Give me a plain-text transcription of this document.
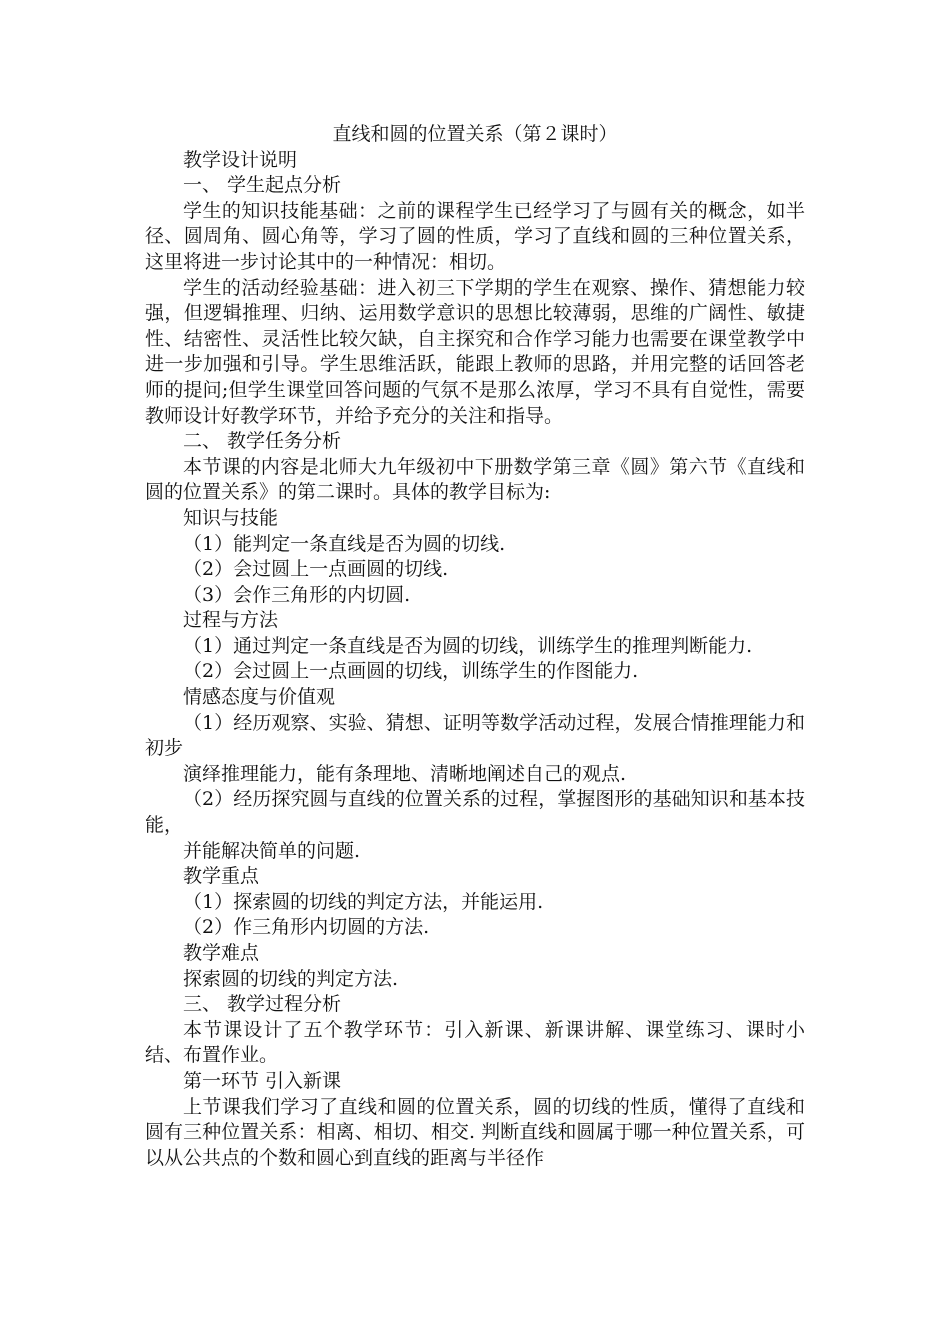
直线和圆的位置关系（第２课时）

教学设计说明

一、 学生起点分析

学生的知识技能基础：之前的课程学生已经学习了与圆有关的概念，如半径、圆周角、圆心角等，学习了圆的性质，学习了直线和圆的三种位置关系，这里将进一步讨论其中的一种情况：相切。

学生的活动经验基础：进入初三下学期的学生在观察、操作、猜想能力较强，但逻辑推理、归纳、运用数学意识的思想比较薄弱，思维的广阔性、敏捷性、结密性、灵活性比较欠缺，自主探究和合作学习能力也需要在课堂教学中进一步加强和引导。学生思维活跃，能跟上教师的思路，并用完整的话回答老师的提问;但学生课堂回答问题的气氛不是那么浓厚，学习不具有自觉性，需要教师设计好教学环节，并给予充分的关注和指导。

二、 教学任务分析

本节课的内容是北师大九年级初中下册数学第三章《圆》第六节《直线和圆的位置关系》的第二课时。具体的教学目标为:

知识与技能

（1）能判定一条直线是否为圆的切线.

（2）会过圆上一点画圆的切线.

（3）会作三角形的内切圆.

过程与方法

（1）通过判定一条直线是否为圆的切线，训练学生的推理判断能力.

（2）会过圆上一点画圆的切线，训练学生的作图能力.

情感态度与价值观

（1）经历观察、实验、猜想、证明等数学活动过程，发展合情推理能力和初步

演绎推理能力，能有条理地、清晰地阐述自己的观点.

（2）经历探究圆与直线的位置关系的过程，掌握图形的基础知识和基本技能，

并能解决简单的问题.

教学重点

（1）探索圆的切线的判定方法，并能运用.

（2）作三角形内切圆的方法.

教学难点

探索圆的切线的判定方法.

三、 教学过程分析

本节课设计了五个教学环节：引入新课、新课讲解、课堂练习、课时小结、布置作业。

第一环节 引入新课

上节课我们学习了直线和圆的位置关系，圆的切线的性质，懂得了直线和圆有三种位置关系：相离、相切、相交. 判断直线和圆属于哪一种位置关系，可以从公共点的个数和圆心到直线的距离与半径作
